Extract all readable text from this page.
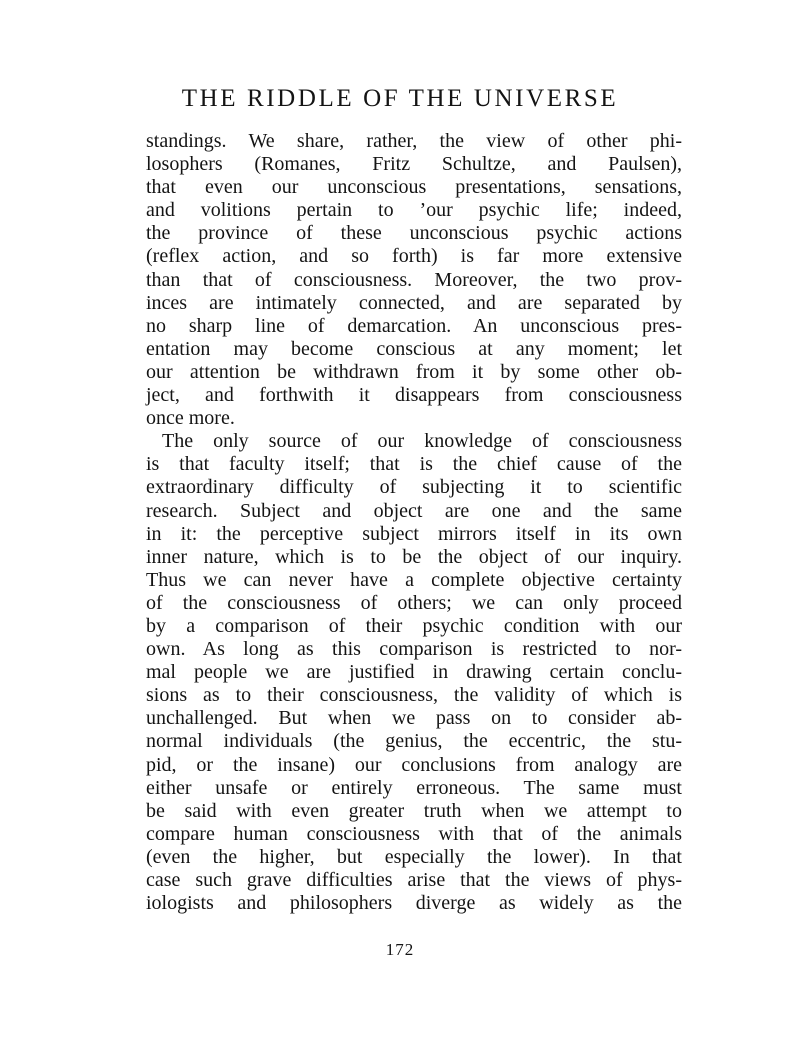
THE RIDDLE OF THE UNIVERSE
standings. We share, rather, the view of other phi-
losophers (Romanes, Fritz Schultze, and Paulsen),
that even our unconscious presentations, sensations,
and volitions pertain to ’our psychic life; indeed,
the province of these unconscious psychic actions
(reflex action, and so forth) is far more extensive
than that of consciousness. Moreover, the two prov-
inces are intimately connected, and are separated by
no sharp line of demarcation. An unconscious pres-
entation may become conscious at any moment; let
our attention be withdrawn from it by some other ob-
ject, and forthwith it disappears from consciousness
once more.
The only source of our knowledge of consciousness
is that faculty itself; that is the chief cause of the
extraordinary difficulty of subjecting it to scientific
research. Subject and object are one and the same
in it: the perceptive subject mirrors itself in its own
inner nature, which is to be the object of our inquiry.
Thus we can never have a complete objective certainty
of the consciousness of others; we can only proceed
by a comparison of their psychic condition with our
own. As long as this comparison is restricted to nor-
mal people we are justified in drawing certain conclu-
sions as to their consciousness, the validity of which is
unchallenged. But when we pass on to consider ab-
normal individuals (the genius, the eccentric, the stu-
pid, or the insane) our conclusions from analogy are
either unsafe or entirely erroneous. The same must
be said with even greater truth when we attempt to
compare human consciousness with that of the animals
(even the higher, but especially the lower). In that
case such grave difficulties arise that the views of phys-
iologists and philosophers diverge as widely as the
172
